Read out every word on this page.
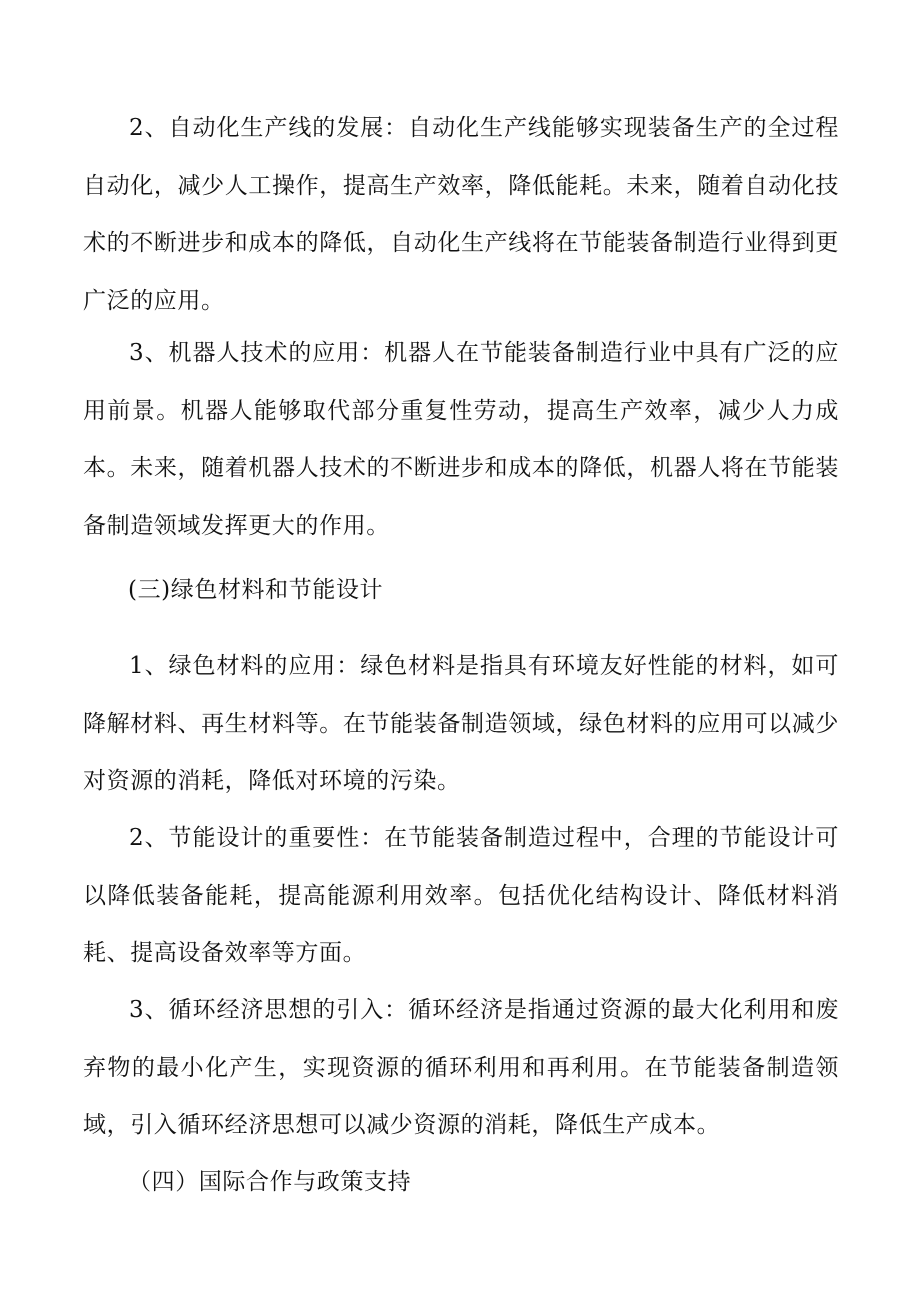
2、自动化生产线的发展：自动化生产线能够实现装备生产的全过程自动化，减少人工操作，提高生产效率，降低能耗。未来，随着自动化技术的不断进步和成本的降低，自动化生产线将在节能装备制造行业得到更广泛的应用。

3、机器人技术的应用：机器人在节能装备制造行业中具有广泛的应用前景。机器人能够取代部分重复性劳动，提高生产效率，减少人力成本。未来，随着机器人技术的不断进步和成本的降低，机器人将在节能装备制造领域发挥更大的作用。

(三)绿色材料和节能设计

1、绿色材料的应用：绿色材料是指具有环境友好性能的材料，如可降解材料、再生材料等。在节能装备制造领域，绿色材料的应用可以减少对资源的消耗，降低对环境的污染。

2、节能设计的重要性：在节能装备制造过程中，合理的节能设计可以降低装备能耗，提高能源利用效率。包括优化结构设计、降低材料消耗、提高设备效率等方面。

3、循环经济思想的引入：循环经济是指通过资源的最大化利用和废弃物的最小化产生，实现资源的循环利用和再利用。在节能装备制造领域，引入循环经济思想可以减少资源的消耗，降低生产成本。

（四）国际合作与政策支持
